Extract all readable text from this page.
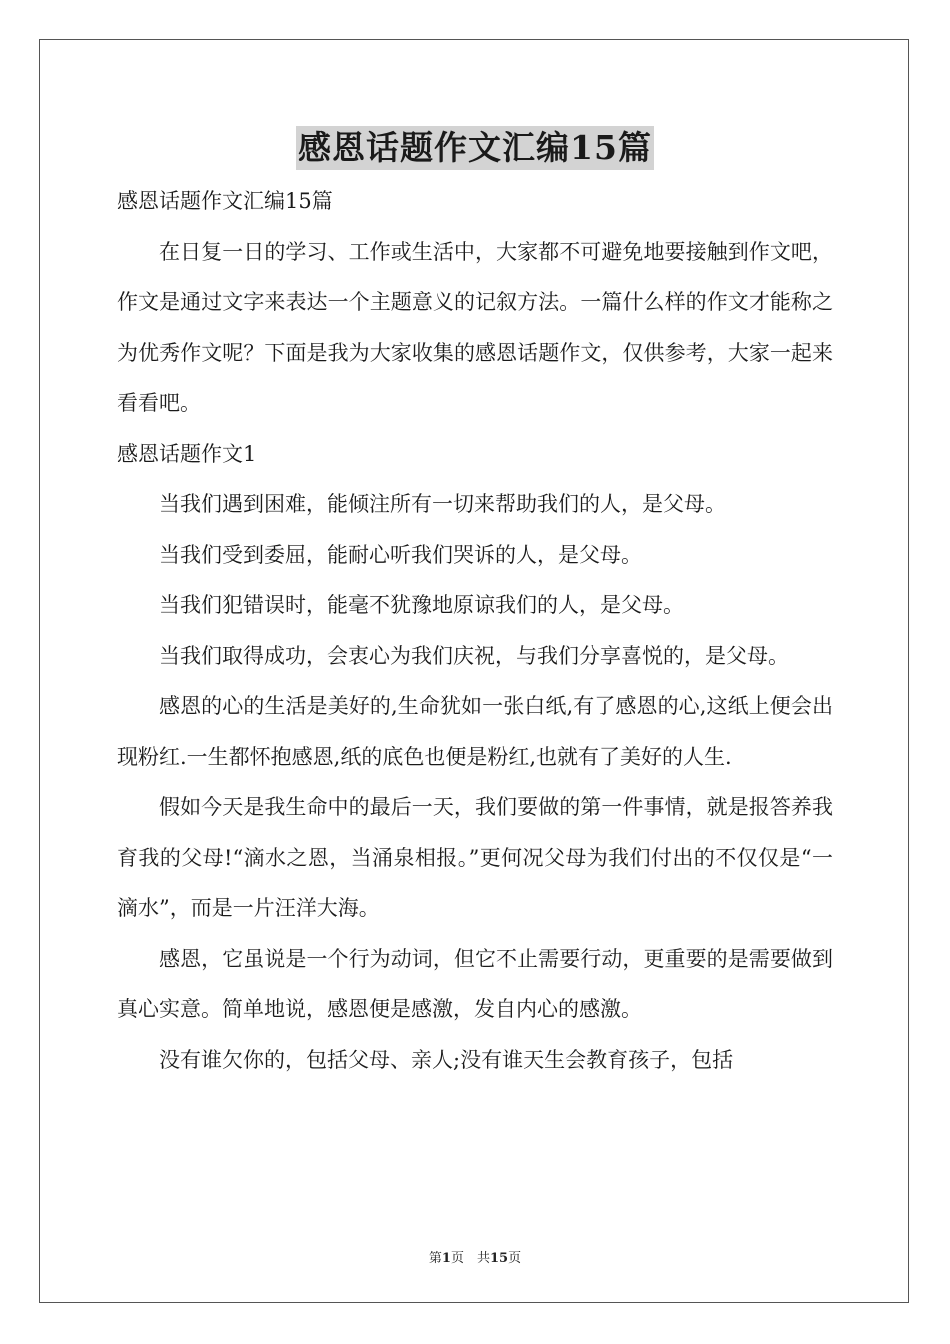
感恩话题作文汇编15篇

感恩话题作文汇编15篇

在日复一日的学习、工作或生活中，大家都不可避免地要接触到作文吧，作文是通过文字来表达一个主题意义的记叙方法。一篇什么样的作文才能称之为优秀作文呢？下面是我为大家收集的感恩话题作文，仅供参考，大家一起来看看吧。

感恩话题作文1

当我们遇到困难，能倾注所有一切来帮助我们的人，是父母。

当我们受到委屈，能耐心听我们哭诉的人，是父母。

当我们犯错误时，能毫不犹豫地原谅我们的人，是父母。

当我们取得成功，会衷心为我们庆祝，与我们分享喜悦的，是父母。

感恩的心的生活是美好的,生命犹如一张白纸,有了感恩的心,这纸上便会出现粉红.一生都怀抱感恩,纸的底色也便是粉红,也就有了美好的人生.

假如今天是我生命中的最后一天，我们要做的第一件事情，就是报答养我育我的父母!“滴水之恩，当涌泉相报。”更何况父母为我们付出的不仅仅是“一滴水”，而是一片汪洋大海。

感恩，它虽说是一个行为动词，但它不止需要行动，更重要的是需要做到真心实意。简单地说，感恩便是感激，发自内心的感激。

没有谁欠你的，包括父母、亲人;没有谁天生会教育孩子，包括

第1页　共15页
